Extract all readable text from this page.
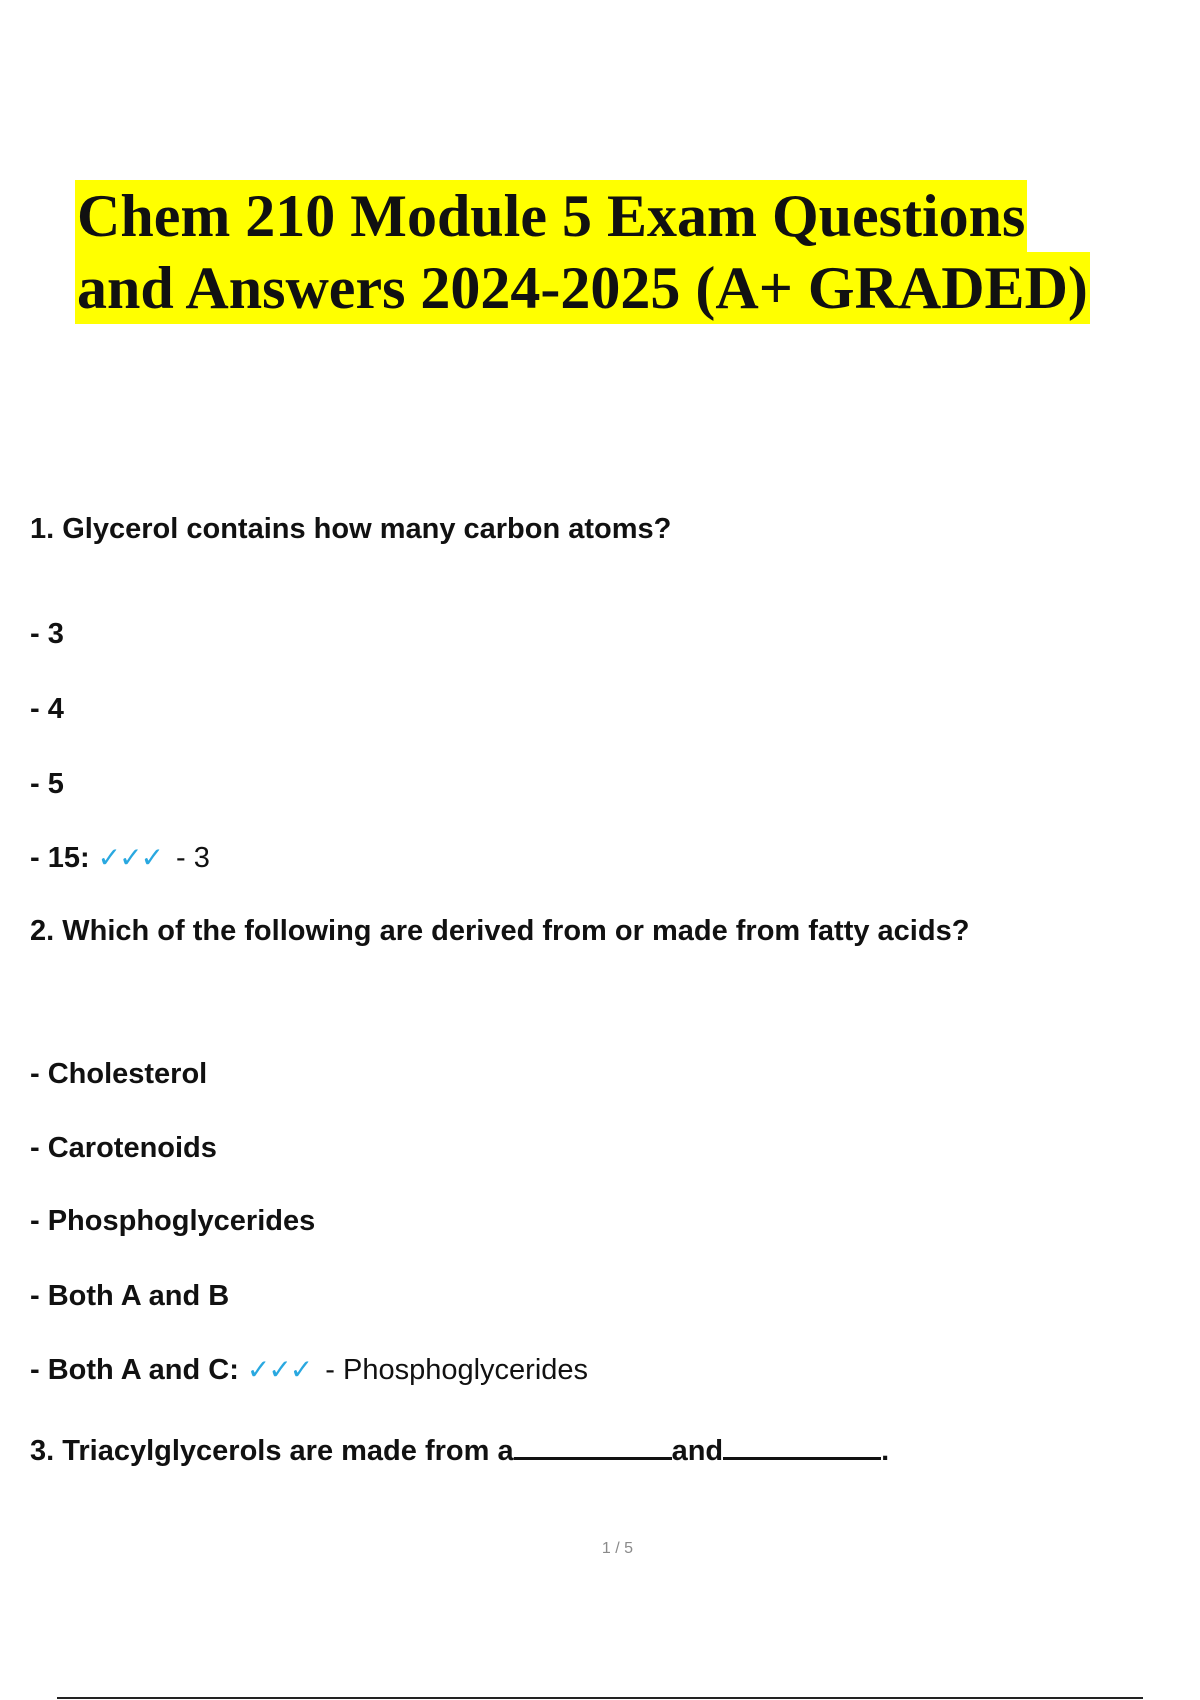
Chem 210 Module 5 Exam Questions
and Answers 2024-2025 (A+ GRADED)
1. Glycerol contains how many carbon atoms?
- 3
- 4
- 5
- 15: ✓✓✓ - 3
2. Which of the following are derived from or made from fatty acids?
- Cholesterol
- Carotenoids
- Phosphoglycerides
- Both A and B
- Both A and C: ✓✓✓ - Phosphoglycerides
3. Triacylglycerols are made from a	and	.
1 / 5
